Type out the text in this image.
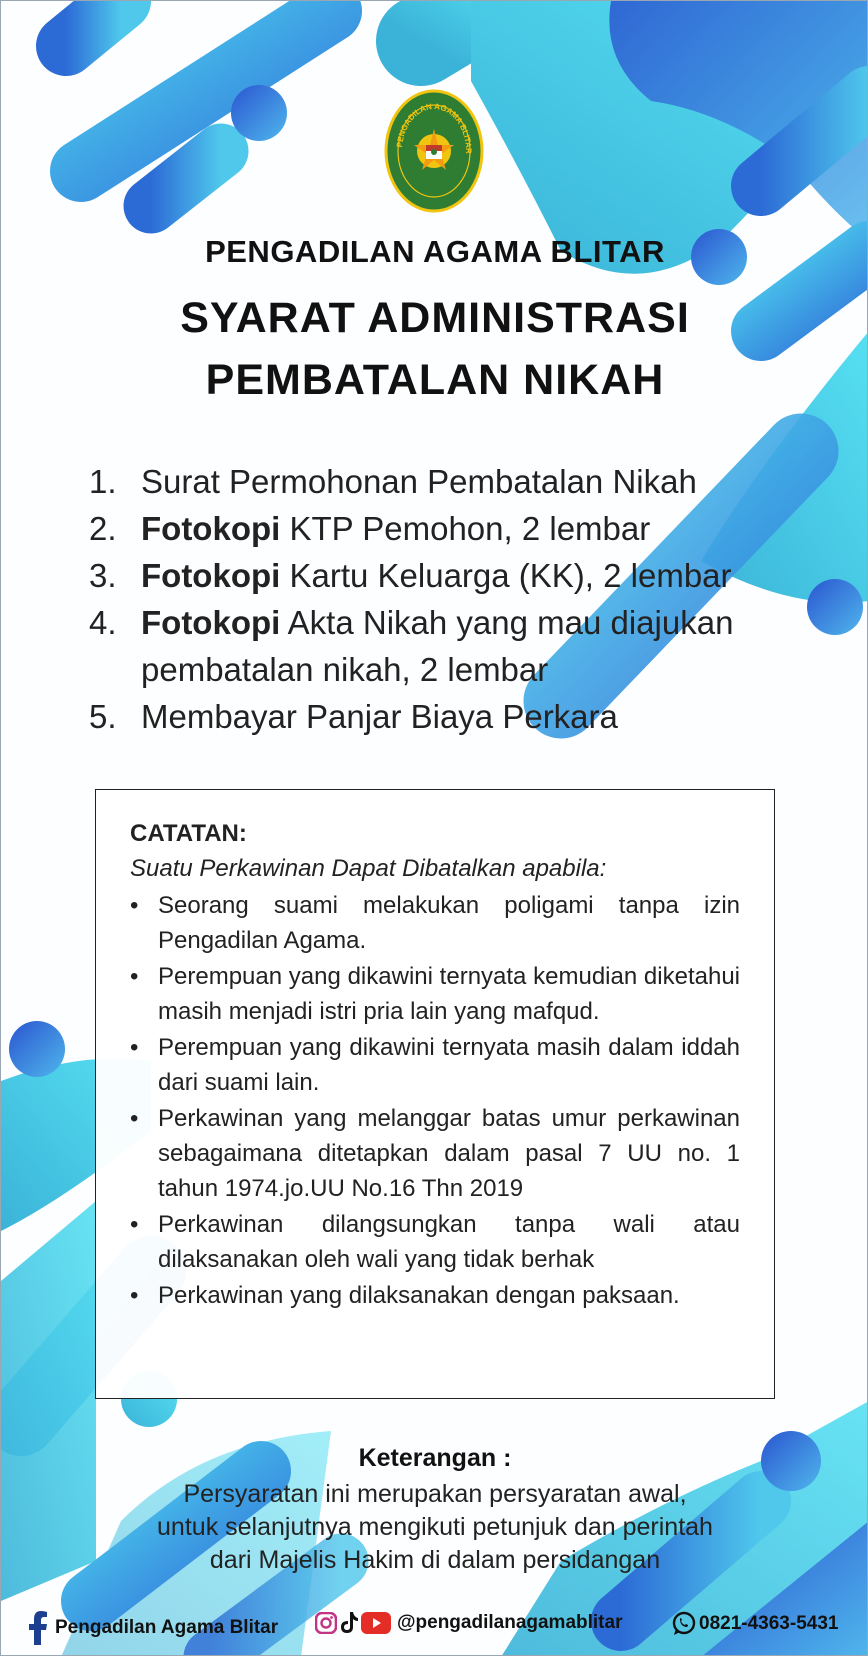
PENGADILAN AGAMA BLITAR
PENGADILAN AGAMA BLITAR
SYARAT ADMINISTRASI
PEMBATALAN NIKAH
1. Surat Permohonan Pembatalan Nikah
2. Fotokopi KTP Pemohon, 2 lembar
3. Fotokopi Kartu Keluarga (KK), 2 lembar
4. Fotokopi Akta Nikah yang mau diajukan pembatalan nikah, 2 lembar
5. Membayar Panjar Biaya Perkara
CATATAN:
Suatu Perkawinan Dapat Dibatalkan apabila:
• Seorang suami melakukan poligami tanpa izin Pengadilan Agama.
• Perempuan yang dikawini ternyata kemudian diketahui masih menjadi istri pria lain yang mafqud.
• Perempuan yang dikawini ternyata masih dalam iddah dari suami lain.
• Perkawinan yang melanggar batas umur perkawinan sebagaimana ditetapkan dalam pasal 7 UU no. 1 tahun 1974.jo.UU No.16 Thn 2019
• Perkawinan dilangsungkan tanpa wali atau dilaksanakan oleh wali yang tidak berhak
• Perkawinan yang dilaksanakan dengan paksaan.
Keterangan :
Persyaratan ini merupakan persyaratan awal,
untuk selanjutnya mengikuti petunjuk dan perintah
dari Majelis Hakim di dalam persidangan
Pengadilan Agama Blitar	@pengadilanagamablitar	0821-4363-5431
